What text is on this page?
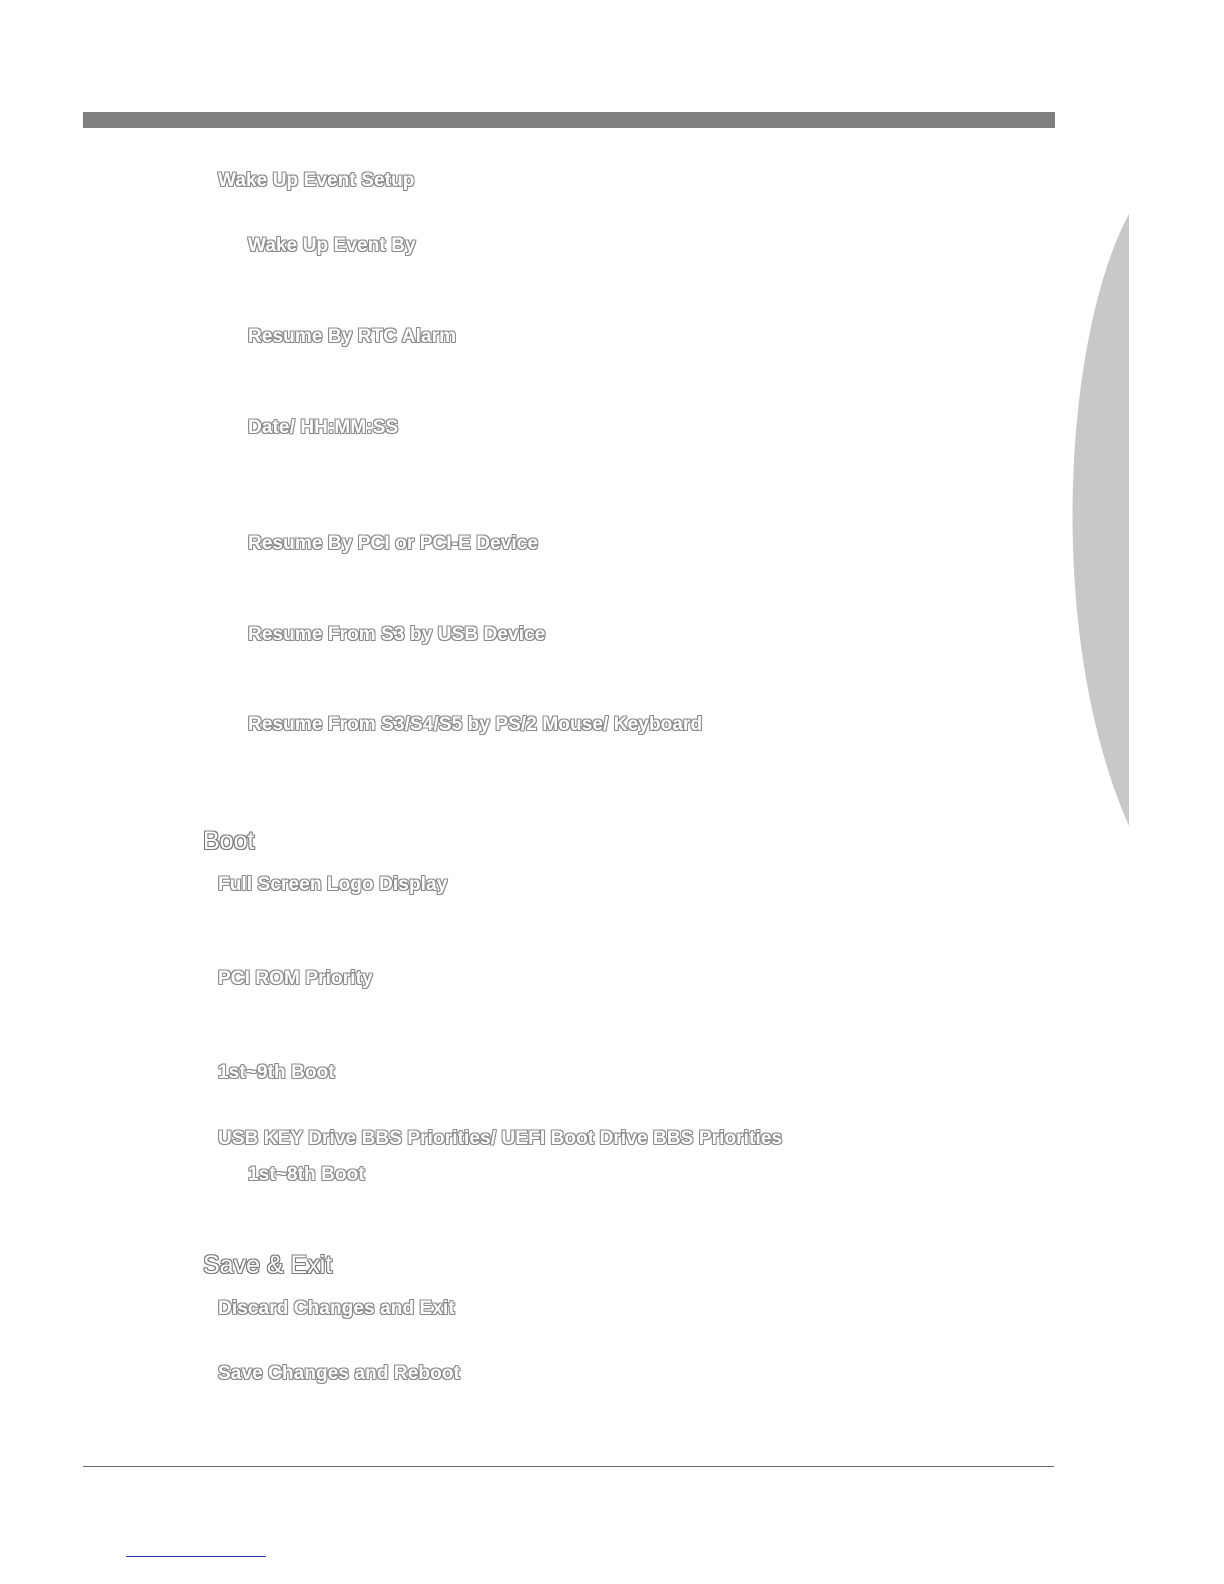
Wake Up Event Setup
Wake Up Event By
Resume By RTC Alarm
Date/ HH:MM:SS
Resume By PCI or PCI-E Device
Resume From S3 by USB Device
Resume From S3/S4/S5 by PS/2 Mouse/ Keyboard
Boot
Full Screen Logo Display
PCI ROM Priority
1st~9th Boot
USB KEY Drive BBS Priorities/ UEFI Boot Drive BBS Priorities
1st~8th Boot
Save & Exit
Discard Changes and Exit
Save Changes and Reboot
